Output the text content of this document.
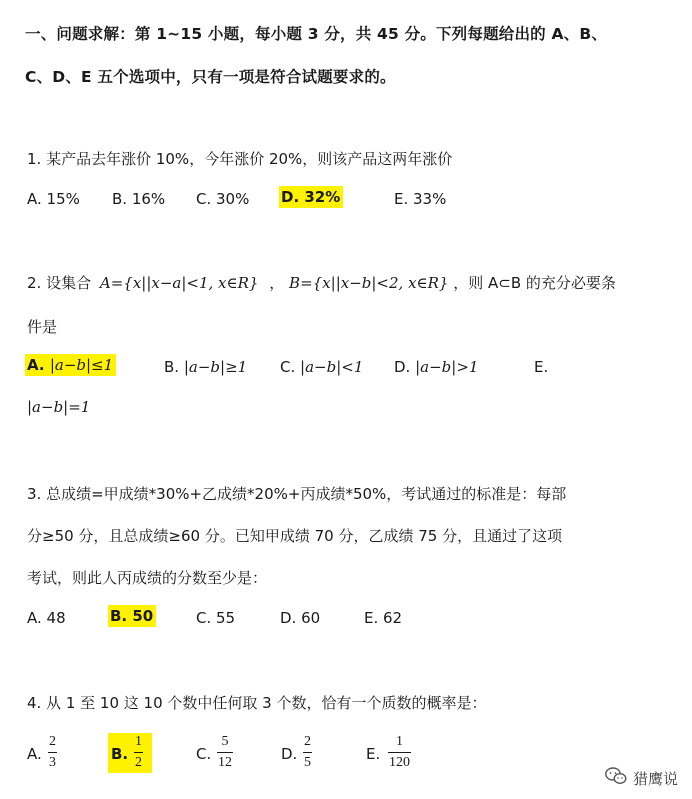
一、问题求解：第 1~15 小题，每小题 3 分，共 45 分。下列每题给出的 A、B、
C、D、E 五个选项中，只有一项是符合试题要求的。
1. 某产品去年涨价 10%，今年涨价 20%，则该产品这两年涨价
A. 15% B. 16% C. 30% D. 32%	E. 33%
2. 设集合 A={x||x−a|<1, x∈R} ， B={x||x−b|<2, x∈R} ，则 A⊂B 的充分必要条
件是
A. |a−b|≤1	B. |a−b|≥1 C. |a−b|<1 D. |a−b|>1	E.
|a−b|=1
3. 总成绩=甲成绩*30%+乙成绩*20%+丙成绩*50%，考试通过的标准是：每部
分≥50 分，且总成绩≥60 分。已知甲成绩 70 分，乙成绩 75 分，且通过了这项
考试，则此人丙成绩的分数至少是：
A. 48	B. 50	C. 55	D. 60	E. 62
4. 从 1 至 10 这 10 个数中任何取 3 个数，恰有一个质数的概率是：
A.
2
3	B.
1
2	C.
5
12	D.
2
5	E.
1
120
猎鹰说
